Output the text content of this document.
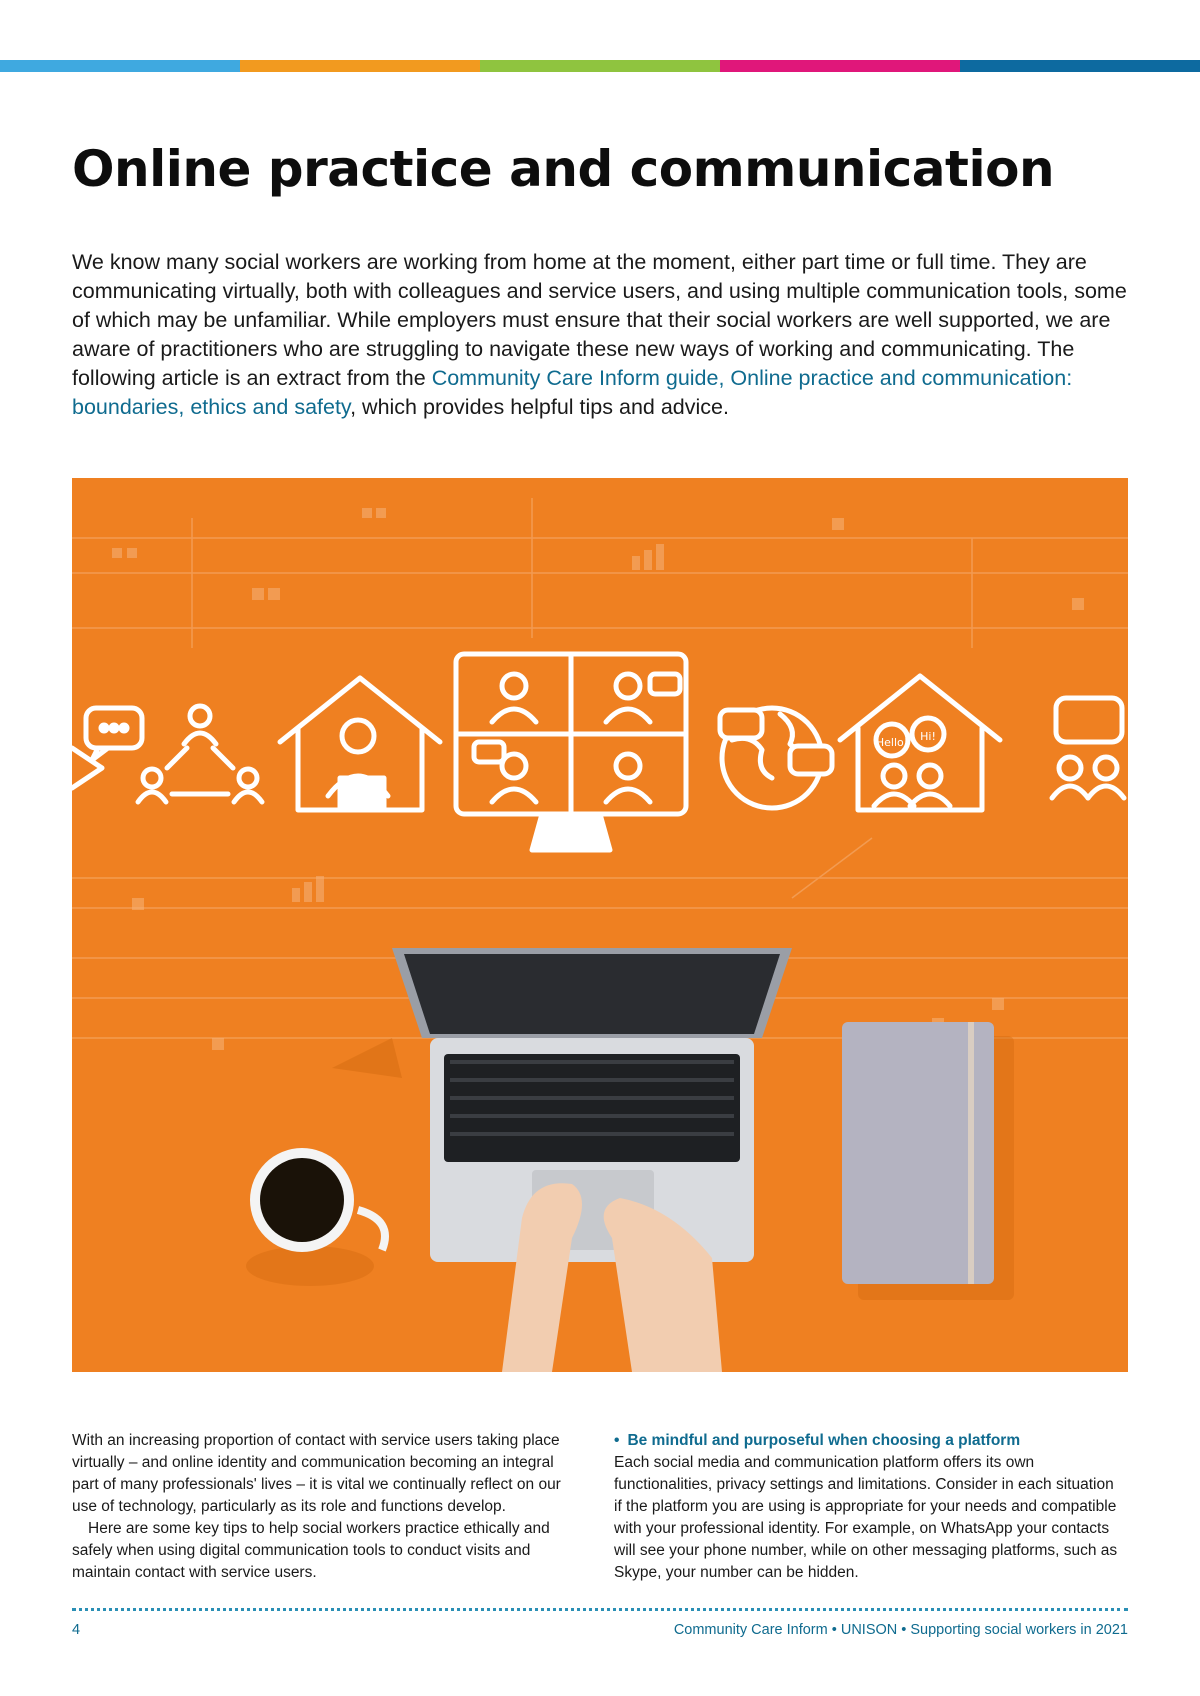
Online practice and communication

We know many social workers are working from home at the moment, either part time or full time. They are communicating virtually, both with colleagues and service users, and using multiple communication tools, some of which may be unfamiliar. While employers must ensure that their social workers are well supported, we are aware of practitioners who are struggling to navigate these new ways of working and communicating. The following article is an extract from the Community Care Inform guide, Online practice and communication: boundaries, ethics and safety, which provides helpful tips and advice.

Hello! Hi!

With an increasing proportion of contact with service users taking place virtually – and online identity and communication becoming an integral part of many professionals' lives – it is vital we continually reflect on our use of technology, particularly as its role and functions develop.

Here are some key tips to help social workers practice ethically and safely when using digital communication tools to conduct visits and maintain contact with service users.

• Be mindful and purposeful when choosing a platform

Each social media and communication platform offers its own functionalities, privacy settings and limitations. Consider in each situation if the platform you are using is appropriate for your needs and compatible with your professional identity. For example, on WhatsApp your contacts will see your phone number, while on other messaging platforms, such as Skype, your number can be hidden.

4	Community Care Inform • UNISON • Supporting social workers in 2021
